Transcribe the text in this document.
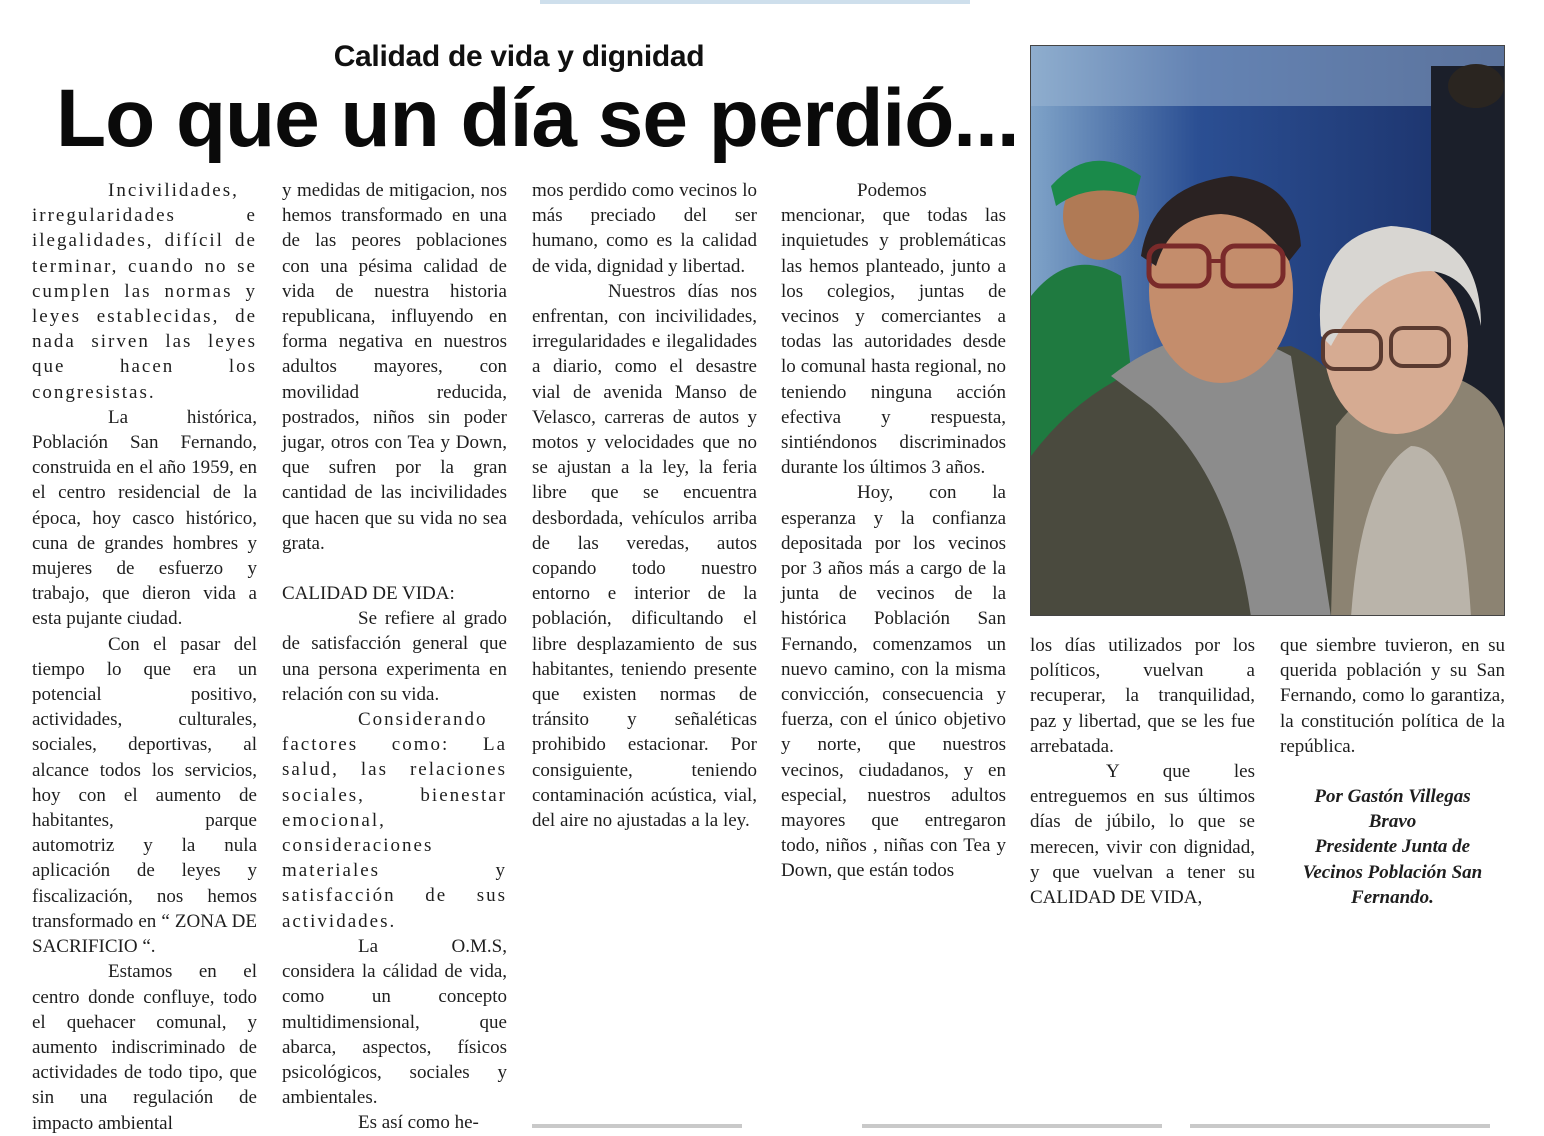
Calidad de vida y dignidad
Lo que un día se perdió...

Incivilidades, irregularidades e ilegalidades, difícil de terminar, cuando no se cumplen las normas y leyes establecidas, de nada sirven las leyes que hacen los congresistas.

La histórica, Población San Fernando, construida en el año 1959, en el centro residencial de la época, hoy casco histórico, cuna de grandes hombres y mujeres de esfuerzo y trabajo, que dieron vida a esta pujante ciudad.

Con el pasar del tiempo lo que era un potencial positivo, actividades, culturales, sociales, deportivas, al alcance todos los servicios, hoy con el aumento de habitantes, parque automotriz y la nula aplicación de leyes y fiscalización, nos hemos transformado en “ ZONA DE SACRIFICIO “.

Estamos en el centro donde confluye, todo el quehacer comunal, y aumento indiscriminado de actividades de todo tipo, que sin una regulación de impacto ambiental

y medidas de mitigacion, nos hemos transformado en una de las peores poblaciones con una pésima calidad de vida de nuestra historia republicana, influyendo en forma negativa en nuestros adultos mayores, con movilidad reducida, postrados, niños sin poder jugar, otros con Tea y Down, que sufren por la gran cantidad de las incivilidades que hacen que su vida no sea grata.

CALIDAD DE VIDA:

Se refiere al grado de satisfacción general que una persona experimenta en relación con su vida.

Considerando factores como: La salud, las relaciones sociales, bienestar emocional, consideraciones materiales y satisfacción de sus actividades.

La O.M.S, considera la cálidad de vida, como un concepto multidimensional, que abarca, aspectos, físicos psicológicos, sociales y ambientales.

Es así como he-

mos perdido como vecinos lo más preciado del ser humano, como es la calidad de vida, dignidad y libertad.

Nuestros días nos enfrentan, con incivilidades, irregularidades e ilegalidades a diario, como el desastre vial de avenida Manso de Velasco, carreras de autos y motos y velocidades que no se ajustan a la ley, la feria libre que se encuentra desbordada, vehículos arriba de las veredas, autos copando todo nuestro entorno e interior de la población, dificultando el libre desplazamiento de sus habitantes, teniendo presente que existen normas de tránsito y señaléticas prohibido estacionar. Por consiguiente, teniendo contaminación acústica, vial, del aire no ajustadas a la ley.

Podemos mencionar, que todas las inquietudes y problemáticas las hemos planteado, junto a los colegios, juntas de vecinos y comerciantes a todas las autoridades desde lo comunal hasta regional, no teniendo ninguna acción efectiva y respuesta, sintiéndonos discriminados durante los últimos 3 años.

Hoy, con la esperanza y la confianza depositada por los vecinos por 3 años más a cargo de la junta de vecinos de la histórica Población San Fernando, comenzamos un nuevo camino, con la misma convicción, consecuencia y fuerza, con el único objetivo y norte, que nuestros vecinos, ciudadanos, y en especial, nuestros adultos mayores que entregaron todo, niños , niñas con Tea y Down, que están todos

los días utilizados por los políticos, vuelvan a recuperar, la tranquilidad, paz y libertad, que se les fue arrebatada.

Y que les entreguemos en sus últimos días de júbilo, lo que se merecen, vivir con dignidad, y que vuelvan a tener su CALIDAD DE VIDA,

que siembre tuvieron, en su querida población y su San Fernando, como lo garantiza, la constitución política de la república.

Por Gastón Villegas
Bravo
Presidente Junta de
Vecinos Población San
Fernando.
